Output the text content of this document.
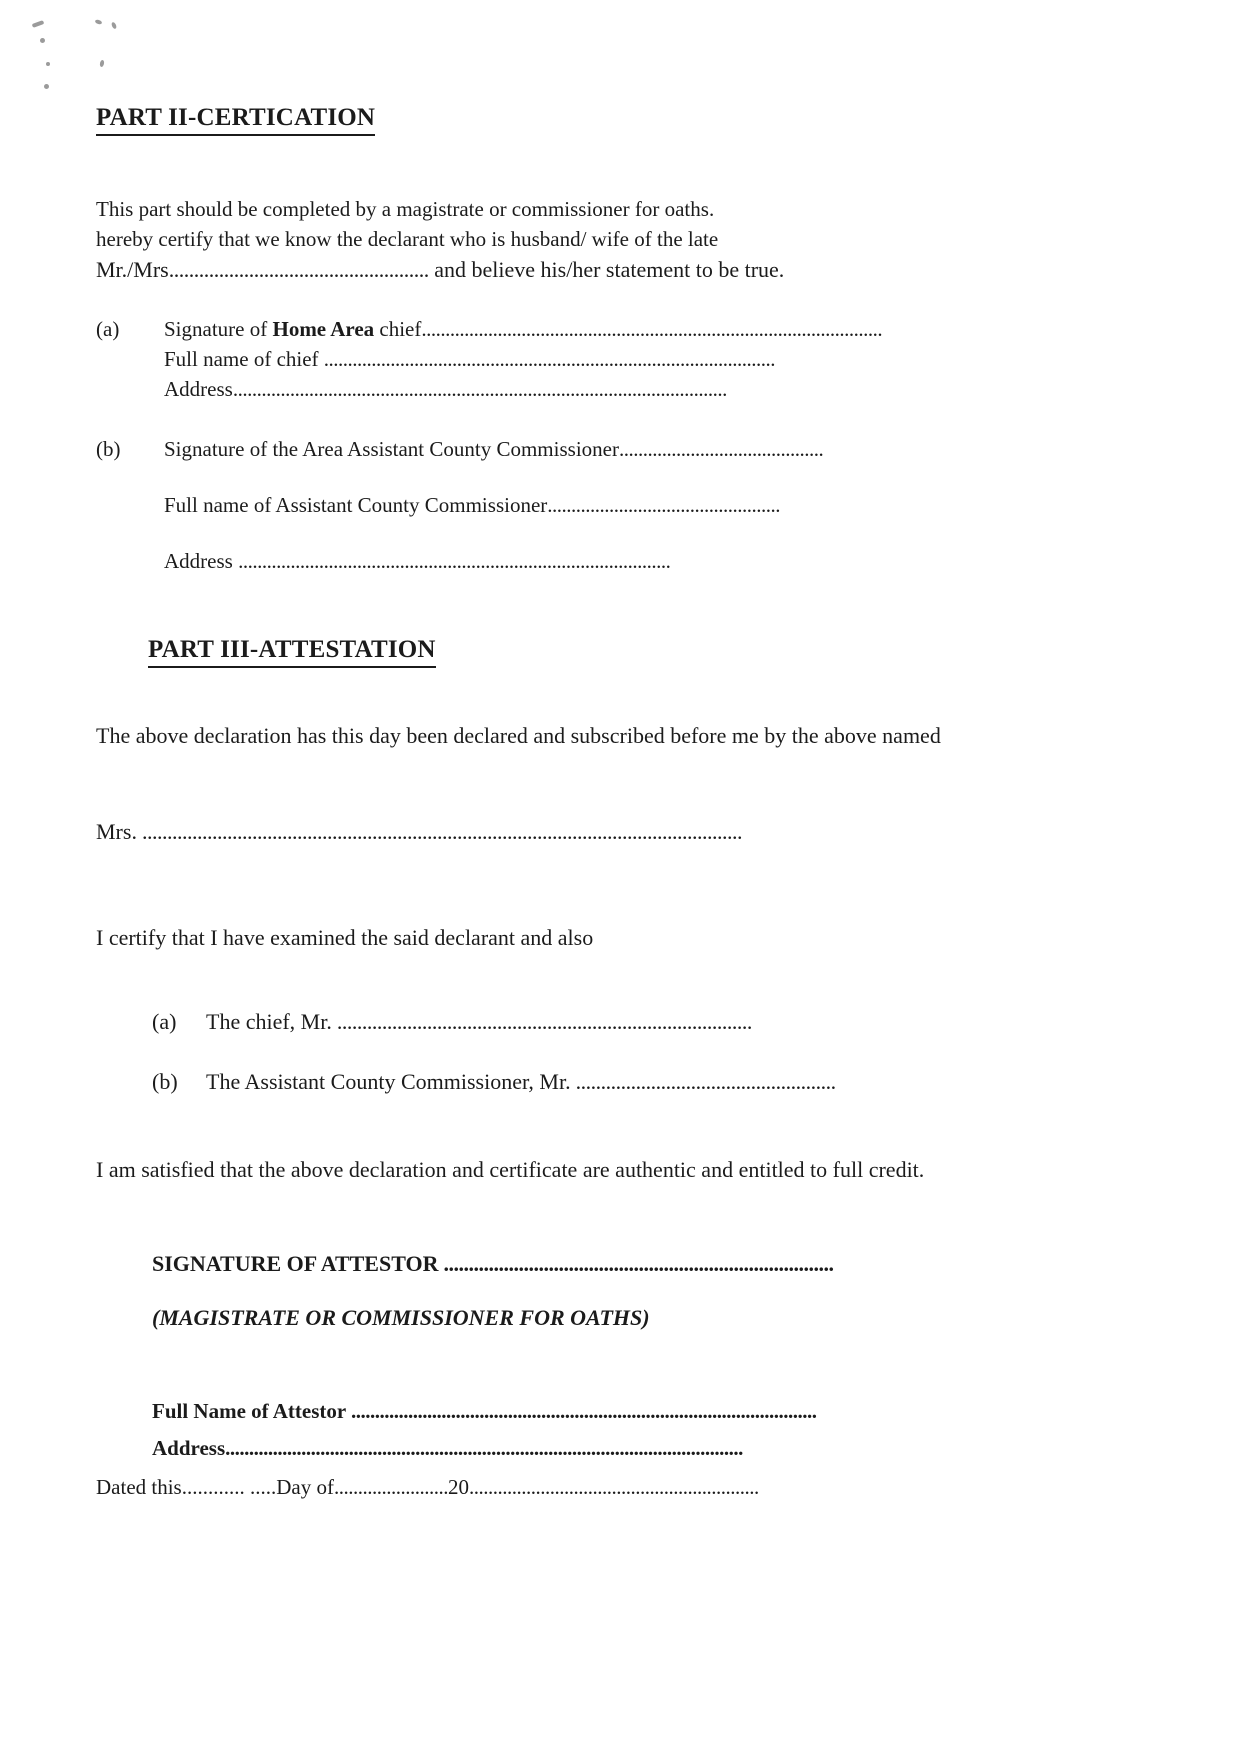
PART II-CERTICATION

This part should be completed by a magistrate or commissioner for oaths.
hereby certify that we know the declarant who is husband/ wife of the late

Mr./Mrs.................................................... and believe his/her statement to be true.

(a)	Signature of Home Area chief.................................................................................................
Full name of chief ...............................................................................................
Address........................................................................................................
(b)	Signature of the Area Assistant County Commissioner...........................................
Full name of Assistant County Commissioner.................................................
Address ...........................................................................................
PART III-ATTESTATION

The above declaration has this day been declared and subscribed before me by the above named

Mrs. ........................................................................................................................

I certify that I have examined the said declarant and also

(a)	The chief, Mr. ...................................................................................
(b)	The Assistant County Commissioner, Mr. ....................................................

I am satisfied that the above declaration and certificate are authentic and entitled to full credit.

SIGNATURE OF ATTESTOR ..............................................................................

(MAGISTRATE OR COMMISSIONER FOR OATHS)

Full Name of Attestor ..................................................................................................

Address.............................................................................................................

Dated this............ .....Day of........................20.............................................................
